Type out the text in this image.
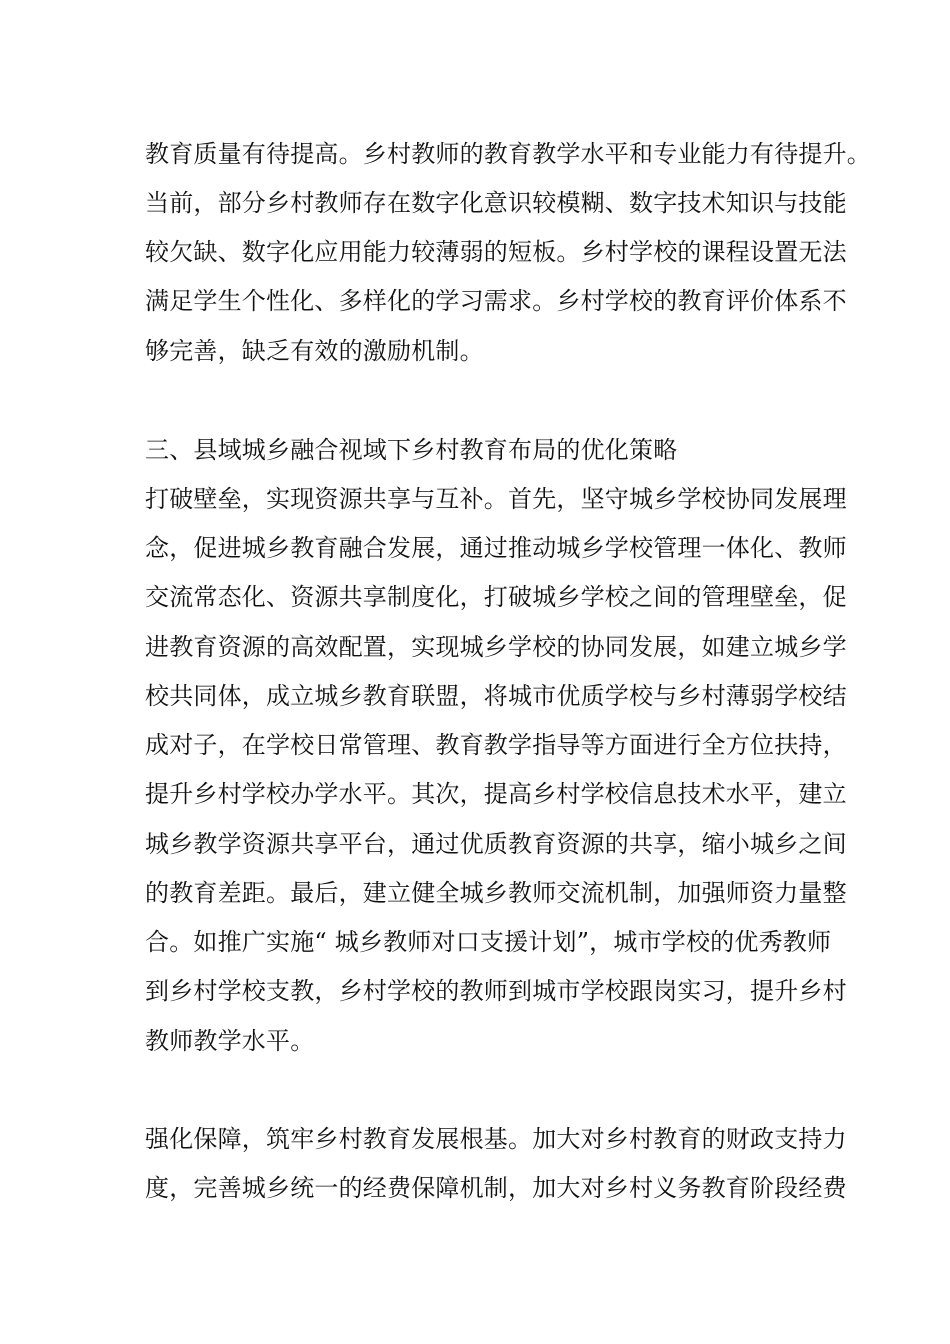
教育质量有待提高。乡村教师的教育教学水平和专业能力有待提升。

当前，部分乡村教师存在数字化意识较模糊、数字技术知识与技能

较欠缺、数字化应用能力较薄弱的短板。乡村学校的课程设置无法

满足学生个性化、多样化的学习需求。乡村学校的教育评价体系不

够完善，缺乏有效的激励机制。

三、县域城乡融合视域下乡村教育布局的优化策略

打破壁垒，实现资源共享与互补。首先，坚守城乡学校协同发展理

念，促进城乡教育融合发展，通过推动城乡学校管理一体化、教师

交流常态化、资源共享制度化，打破城乡学校之间的管理壁垒，促

进教育资源的高效配置，实现城乡学校的协同发展，如建立城乡学

校共同体，成立城乡教育联盟，将城市优质学校与乡村薄弱学校结

成对子，在学校日常管理、教育教学指导等方面进行全方位扶持，

提升乡村学校办学水平。其次，提高乡村学校信息技术水平，建立

城乡教学资源共享平台，通过优质教育资源的共享，缩小城乡之间

的教育差距。最后，建立健全城乡教师交流机制，加强师资力量整

合。如推广实施“ 城乡教师对口支援计划”，城市学校的优秀教师

到乡村学校支教，乡村学校的教师到城市学校跟岗实习，提升乡村

教师教学水平。

强化保障，筑牢乡村教育发展根基。加大对乡村教育的财政支持力

度，完善城乡统一的经费保障机制，加大对乡村义务教育阶段经费
